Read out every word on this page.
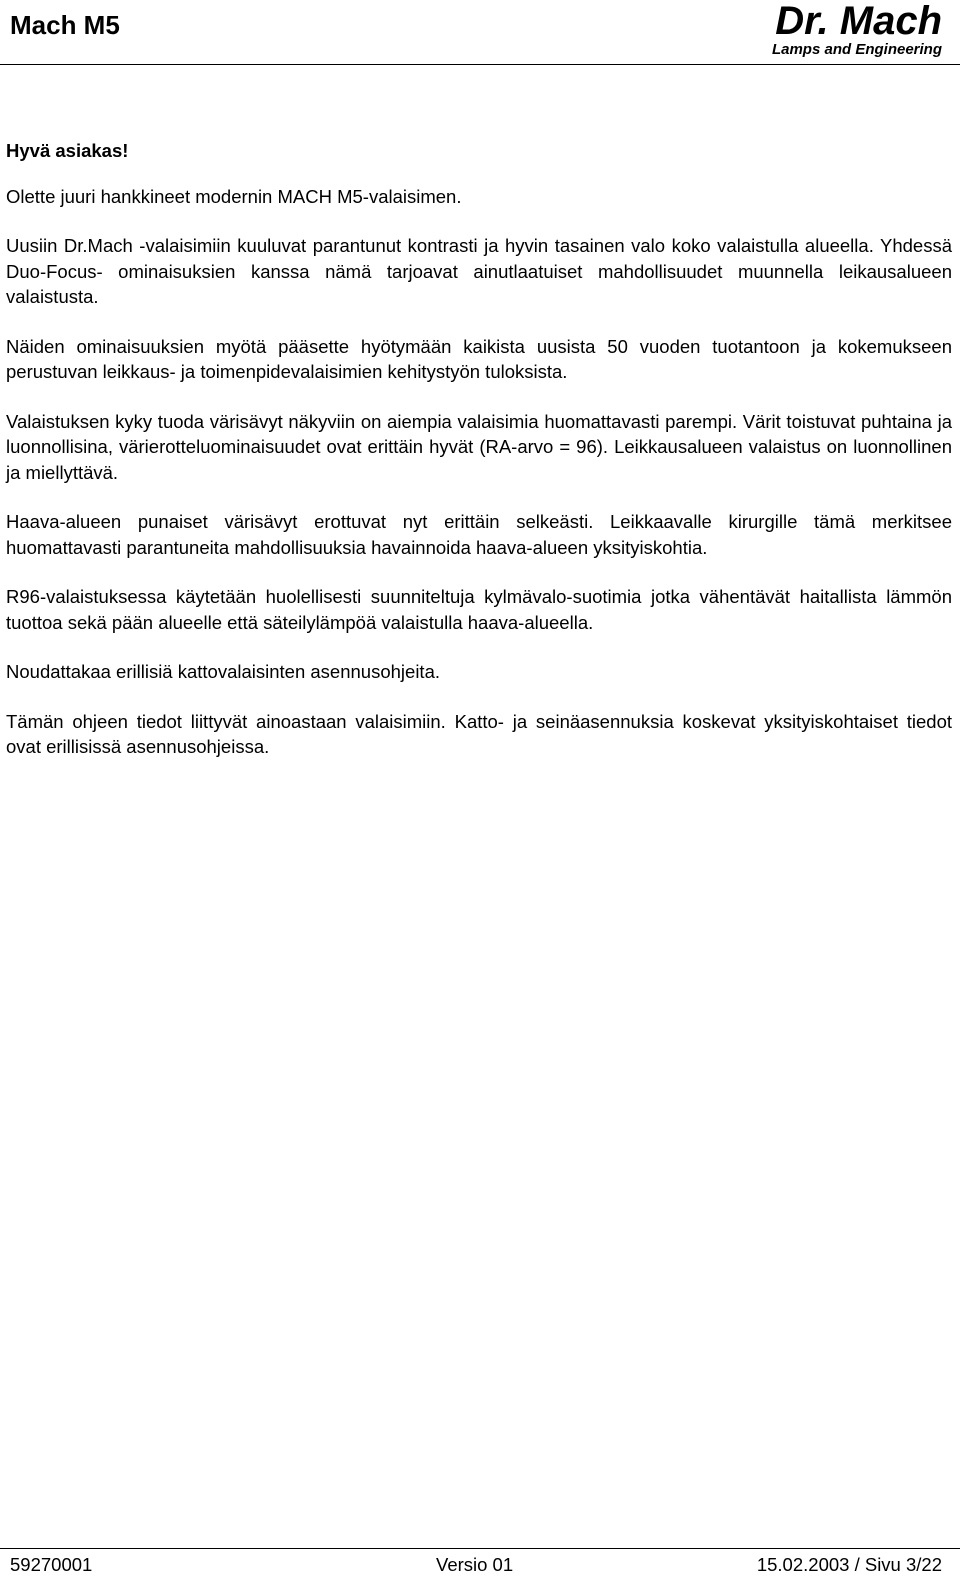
Mach M5	Dr. Mach
Lamps and Engineering

Hyvä asiakas!

Olette juuri hankkineet modernin MACH M5-valaisimen.

Uusiin Dr.Mach -valaisimiin kuuluvat parantunut kontrasti ja hyvin tasainen valo koko valaistulla alueella. Yhdessä Duo-Focus- ominaisuksien kanssa nämä tarjoavat ainutlaatuiset mahdollisuudet muunnella leikausalueen valaistusta.

Näiden ominaisuuksien myötä pääsette hyötymään kaikista uusista 50 vuoden tuotantoon ja kokemukseen perustuvan leikkaus- ja toimenpidevalaisimien kehitystyön tuloksista.

Valaistuksen kyky tuoda värisävyt näkyviin on aiempia valaisimia huomattavasti parempi. Värit toistuvat puhtaina ja luonnollisina, värierotteluominaisuudet ovat erittäin hyvät (RA-arvo = 96). Leikkausalueen valaistus on luonnollinen ja miellyttävä.

Haava-alueen punaiset värisävyt erottuvat nyt erittäin selkeästi. Leikkaavalle kirurgille tämä merkitsee huomattavasti parantuneita mahdollisuuksia havainnoida haava-alueen yksityiskohtia.

R96-valaistuksessa käytetään huolellisesti suunniteltuja kylmävalo-suotimia jotka vähentävät haitallista lämmön tuottoa sekä pään alueelle että säteilylämpöä valaistulla haava-alueella.

Noudattakaa erillisiä kattovalaisinten asennusohjeita.

Tämän ohjeen tiedot liittyvät ainoastaan valaisimiin. Katto- ja seinäasennuksia koskevat yksityiskohtaiset tiedot ovat erillisissä asennusohjeissa.

59270001	Versio 01	15.02.2003 / Sivu 3/22
